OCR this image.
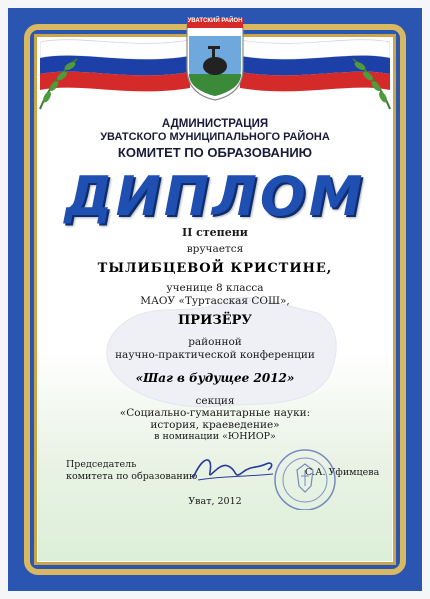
УВАТСКИЙ РАЙОН
АДМИНИСТРАЦИЯ
УВАТСКОГО МУНИЦИПАЛЬНОГО РАЙОНА
КОМИТЕТ ПО ОБРАЗОВАНИЮ
ДИПЛОМ
II степени
вручается
ТЫЛИБЦЕВОЙ КРИСТИНЕ,
ученице 8 класса
МАОУ «Туртасская СОШ»,
ПРИЗЁРУ
районной
научно-практической конференции
«Шаг в будущее 2012»
секция
«Социально-гуманитарные науки:
история, краеведение»
в номинации «ЮНИОР»
Председатель
комитета по образованию	С.А. Уфимцева
Уват, 2012
